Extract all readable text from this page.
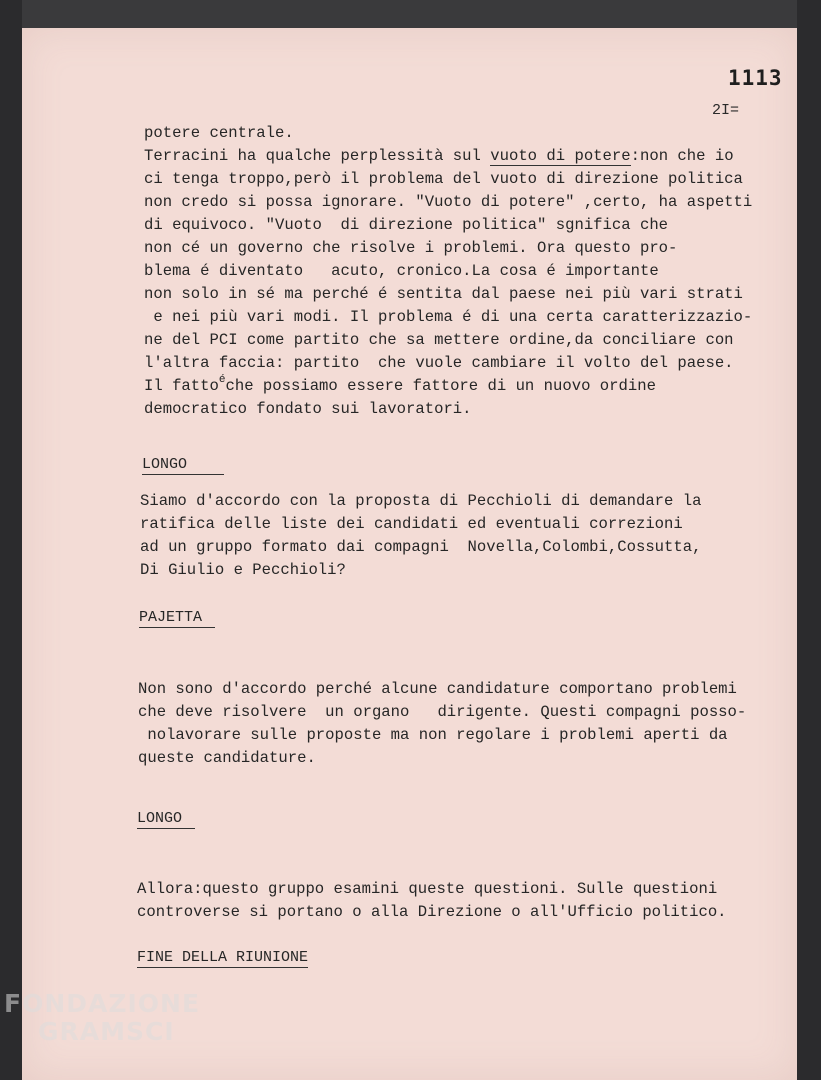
1113
2I=
potere centrale.
Terracini ha qualche perplessità sul vuoto di potere:non che io
ci tenga troppo,però il problema del vuoto di direzione politica
non credo si possa ignorare. "Vuoto di potere" ,certo, ha aspetti
di equivoco. "Vuoto  di direzione politica" sgnifica che
non cé un governo che risolve i problemi. Ora questo pro-
blema é diventato   acuto, cronico.La cosa é importante
non solo in sé ma perché é sentita dal paese nei più vari strati
e nei più vari modi. Il problema é di una certa caratterizzazio-
ne del PCI come partito che sa mettere ordine,da conciliare con
l'altra faccia: partito  che vuole cambiare il volto del paese.
Il fatto$^é$che possiamo essere fattore di un nuovo ordine
democratico fondato sui lavoratori.
LONGO
Siamo d'accordo con la proposta di Pecchioli di demandare la
ratifica delle liste dei candidati ed eventuali correzioni
ad un gruppo formato dai compagni  Novella,Colombi,Cossutta,
Di Giulio e Pecchioli?
PAJETTA
Non sono d'accordo perché alcune candidature comportano problemi
che deve risolvere  un organo   dirigente. Questi compagni posso-
nolavorare sulle proposte ma non regolare i problemi aperti da
queste candidature.
LONGO
Allora:questo gruppo esamini queste questioni. Sulle questioni
controverse si portano o alla Direzione o all'Ufficio politico.
FINE DELLA RIUNIONE
FONDAZIONE
GRAMSCI
